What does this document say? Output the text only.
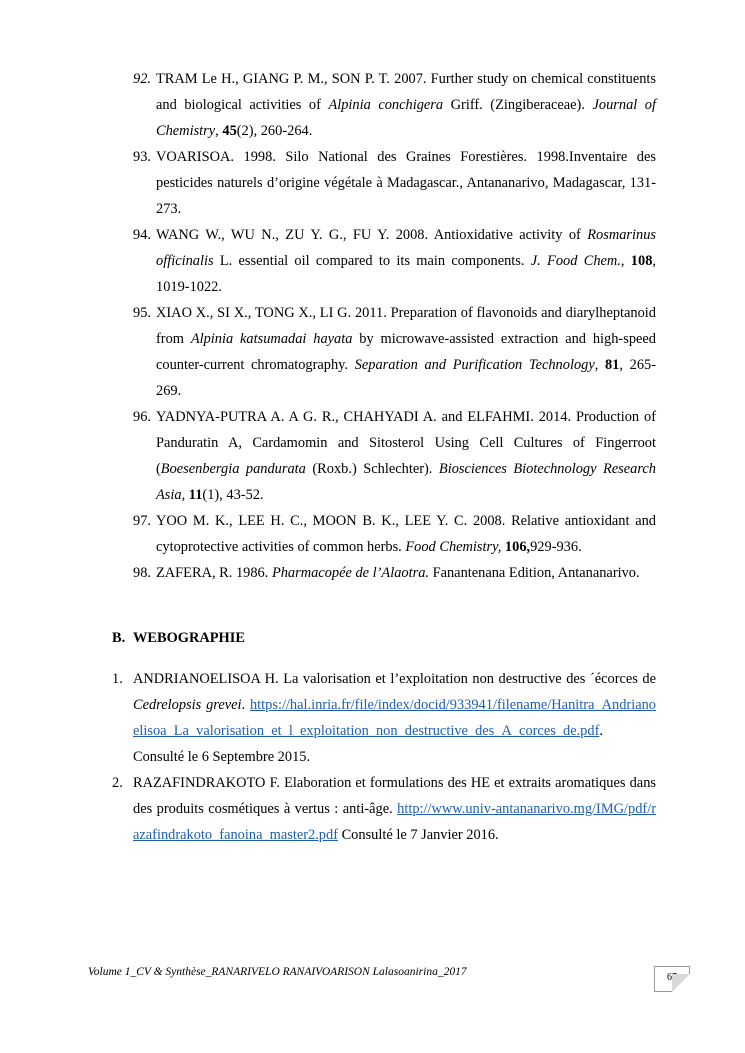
92. TRAM Le H., GIANG P. M., SON P. T. 2007. Further study on chemical constituents and biological activities of Alpinia conchigera Griff. (Zingiberaceae). Journal of Chemistry, 45(2), 260-264.
93. VOARISOA. 1998. Silo National des Graines Forestières. 1998.Inventaire des pesticides naturels d’origine végétale à Madagascar., Antananarivo, Madagascar, 131-273.
94. WANG W., WU N., ZU Y. G., FU Y. 2008. Antioxidative activity of Rosmarinus officinalis L. essential oil compared to its main components. J. Food Chem., 108, 1019-1022.
95. XIAO X., SI X., TONG X., LI G. 2011. Preparation of flavonoids and diarylheptanoid from Alpinia katsumadai hayata by microwave-assisted extraction and high-speed counter-current chromatography. Separation and Purification Technology, 81, 265-269.
96. YADNYA-PUTRA A. A G. R., CHAHYADI A. and ELFAHMI. 2014. Production of Panduratin A, Cardamomin and Sitosterol Using Cell Cultures of Fingerroot (Boesenbergia pandurata (Roxb.) Schlechter). Biosciences Biotechnology Research Asia, 11(1), 43-52.
97. YOO M. K., LEE H. C., MOON B. K., LEE Y. C. 2008. Relative antioxidant and cytoprotective activities of common herbs. Food Chemistry, 106,929-936.
98. ZAFERA, R. 1986. Pharmacopée de l’Alaotra. Fanantenana Edition, Antananarivo.
B. WEBOGRAPHIE
1. ANDRIANOELISOA H. La valorisation et l’exploitation non destructive des ´écorces de Cedrelopsis grevei. https://hal.inria.fr/file/index/docid/933941/filename/Hanitra_Andrianoelisoa_La_valorisation_et_l_exploitation_non_destructive_des_A_corces_de.pdf. Consulté le 6 Septembre 2015.
2. RAZAFINDRAKOTO F. Elaboration et formulations des HE et extraits aromatiques dans des produits cosmétiques à vertus : anti-âge. http://www.univ-antananarivo.mg/IMG/pdf/razafindrakoto_fanoina_master2.pdf Consulté le 7 Janvier 2016.

Volume 1_CV & Synthèse_RANARIVELO RANAIVOARISON Lalasoanirina_2017	67
